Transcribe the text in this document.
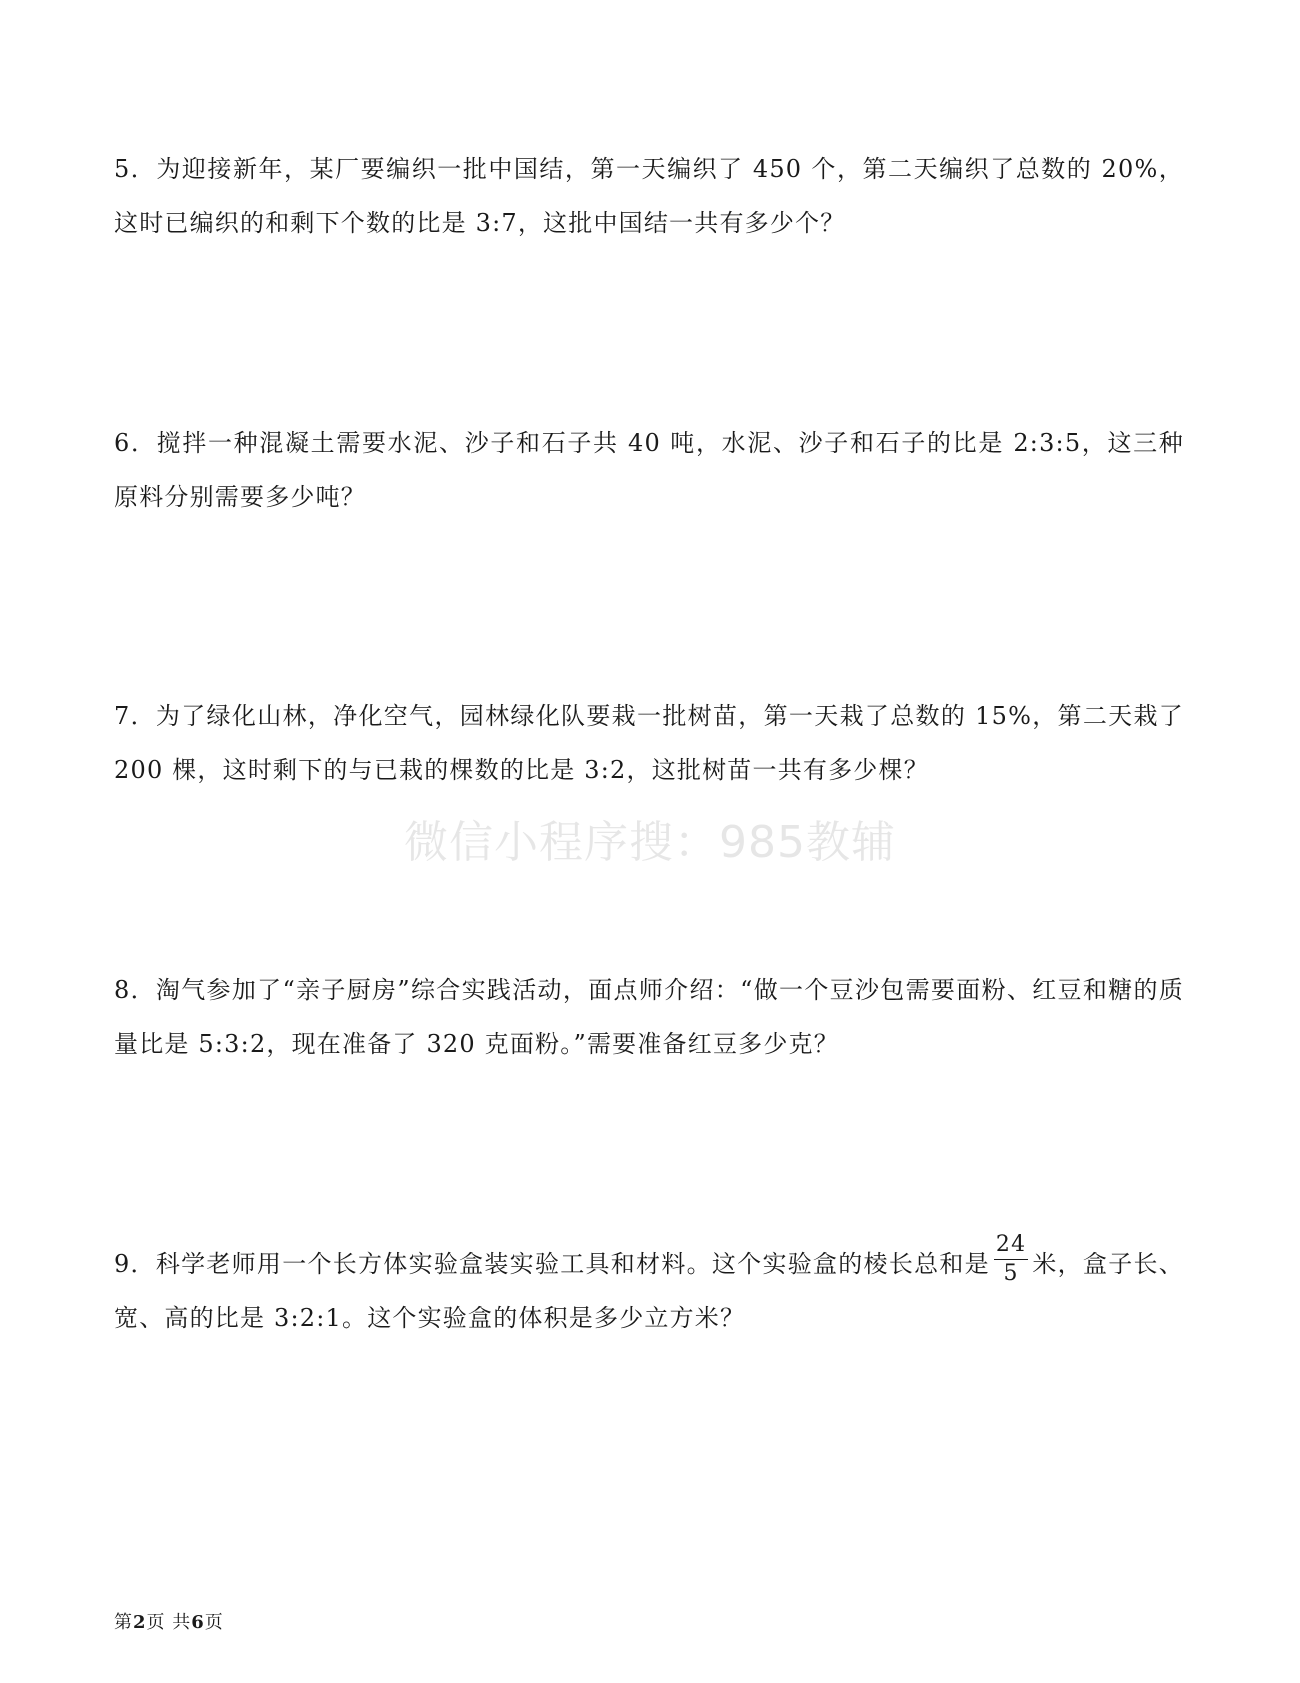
5．为迎接新年，某厂要编织一批中国结，第一天编织了 450 个，第二天编织了总数的 20%，这时已编织的和剩下个数的比是 3:7，这批中国结一共有多少个？
6．搅拌一种混凝土需要水泥、沙子和石子共 40 吨，水泥、沙子和石子的比是 2:3:5，这三种原料分别需要多少吨？
7．为了绿化山林，净化空气，园林绿化队要栽一批树苗，第一天栽了总数的 15%，第二天栽了 200 棵，这时剩下的与已栽的棵数的比是 3:2，这批树苗一共有多少棵？
微信小程序搜：985教辅
8．淘气参加了“亲子厨房”综合实践活动，面点师介绍：“做一个豆沙包需要面粉、红豆和糖的质量比是 5:3:2，现在准备了 320 克面粉。”需要准备红豆多少克？
9．科学老师用一个长方体实验盒装实验工具和材料。这个实验盒的棱长总和是 $\frac{24}{5}$ 米，盒子长、宽、高的比是 3:2:1。这个实验盒的体积是多少立方米？
第2页 共6页
